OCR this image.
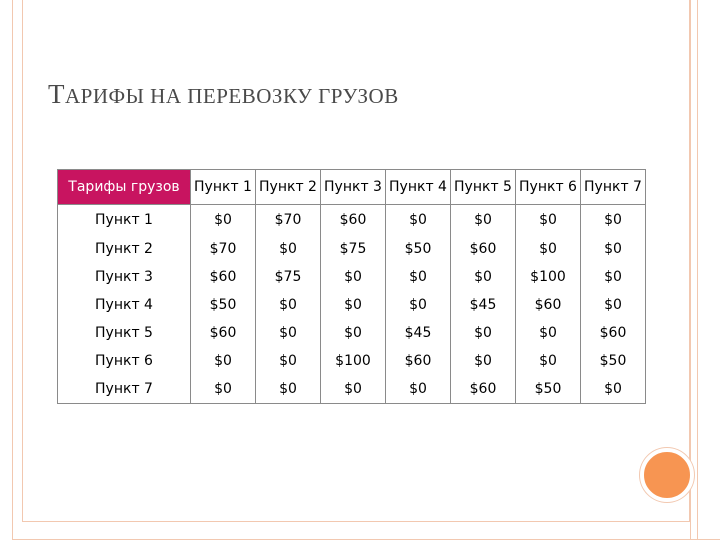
ТАРИФЫ НА ПЕРЕВОЗКУ ГРУЗОВ
Тарифы грузов	Пункт 1	Пункт 2	Пункт 3	Пункт 4	Пункт 5	Пункт 6	Пункт 7
Пункт 1	$0	$70	$60	$0	$0	$0	$0
Пункт 2	$70	$0	$75	$50	$60	$0	$0
Пункт 3	$60	$75	$0	$0	$0	$100	$0
Пункт 4	$50	$0	$0	$0	$45	$60	$0
Пункт 5	$60	$0	$0	$45	$0	$0	$60
Пункт 6	$0	$0	$100	$60	$0	$0	$50
Пункт 7	$0	$0	$0	$0	$60	$50	$0
